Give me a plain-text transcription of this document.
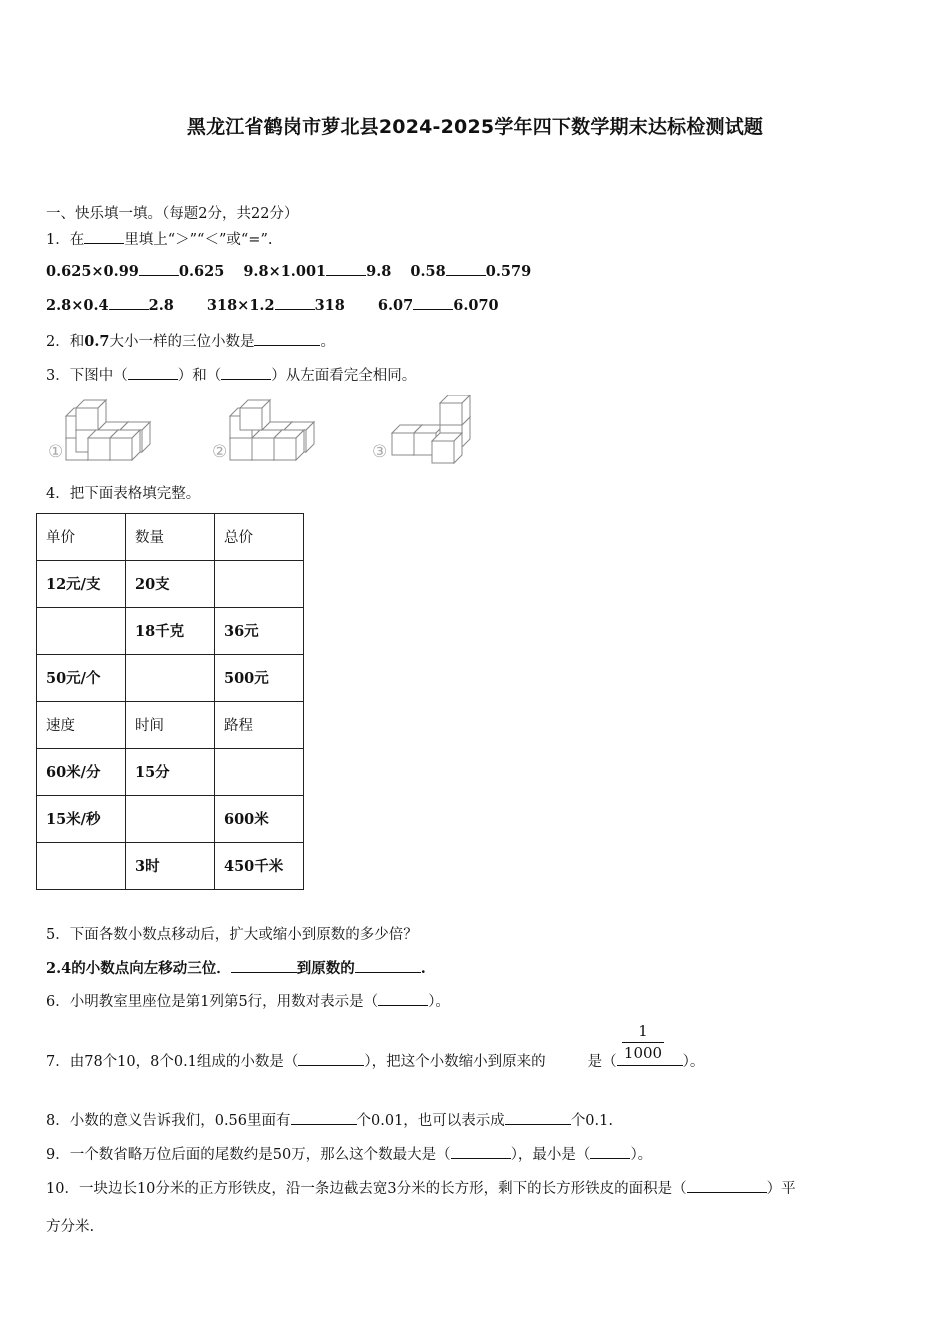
黑龙江省鹤岗市萝北县2024-2025学年四下数学期末达标检测试题
一、快乐填一填。（每题2分，共22分）
1．在	里填上“＞”“＜”或“=”.
0.625×0.99	0.625 9.8×1.001	9.8 0.58	0.579
2.8×0.4	2.8 318×1.2	318 6.07	6.070
2．和0.7大小一样的三位小数是	。
3．下图中（	）和（	）从左面看完全相同。
①	②	③
4．把下面表格填完整。
单价	数量	总价
12元/支	20支	
	18千克	36元
50元/个		500元
速度	时间	路程
60米/分	15分	
15米/秒		600米
	3时	450千米
5．下面各数小数点移动后，扩大或缩小到原数的多少倍？
2.4的小数点向左移动三位．	到原数的	.
6．小明教室里座位是第1列第5行，用数对表示是（	）。
7．由78个10，8个0.1组成的小数是（	），把这个小数缩小到原来的	是（	）。
1
1000
8．小数的意义告诉我们，0.56里面有	个0.01，也可以表示成	个0.1.
9．一个数省略万位后面的尾数约是50万，那么这个数最大是（	），最小是（	）。
10．一块边长10分米的正方形铁皮，沿一条边截去宽3分米的长方形，剩下的长方形铁皮的面积是（	）平
方分米.
